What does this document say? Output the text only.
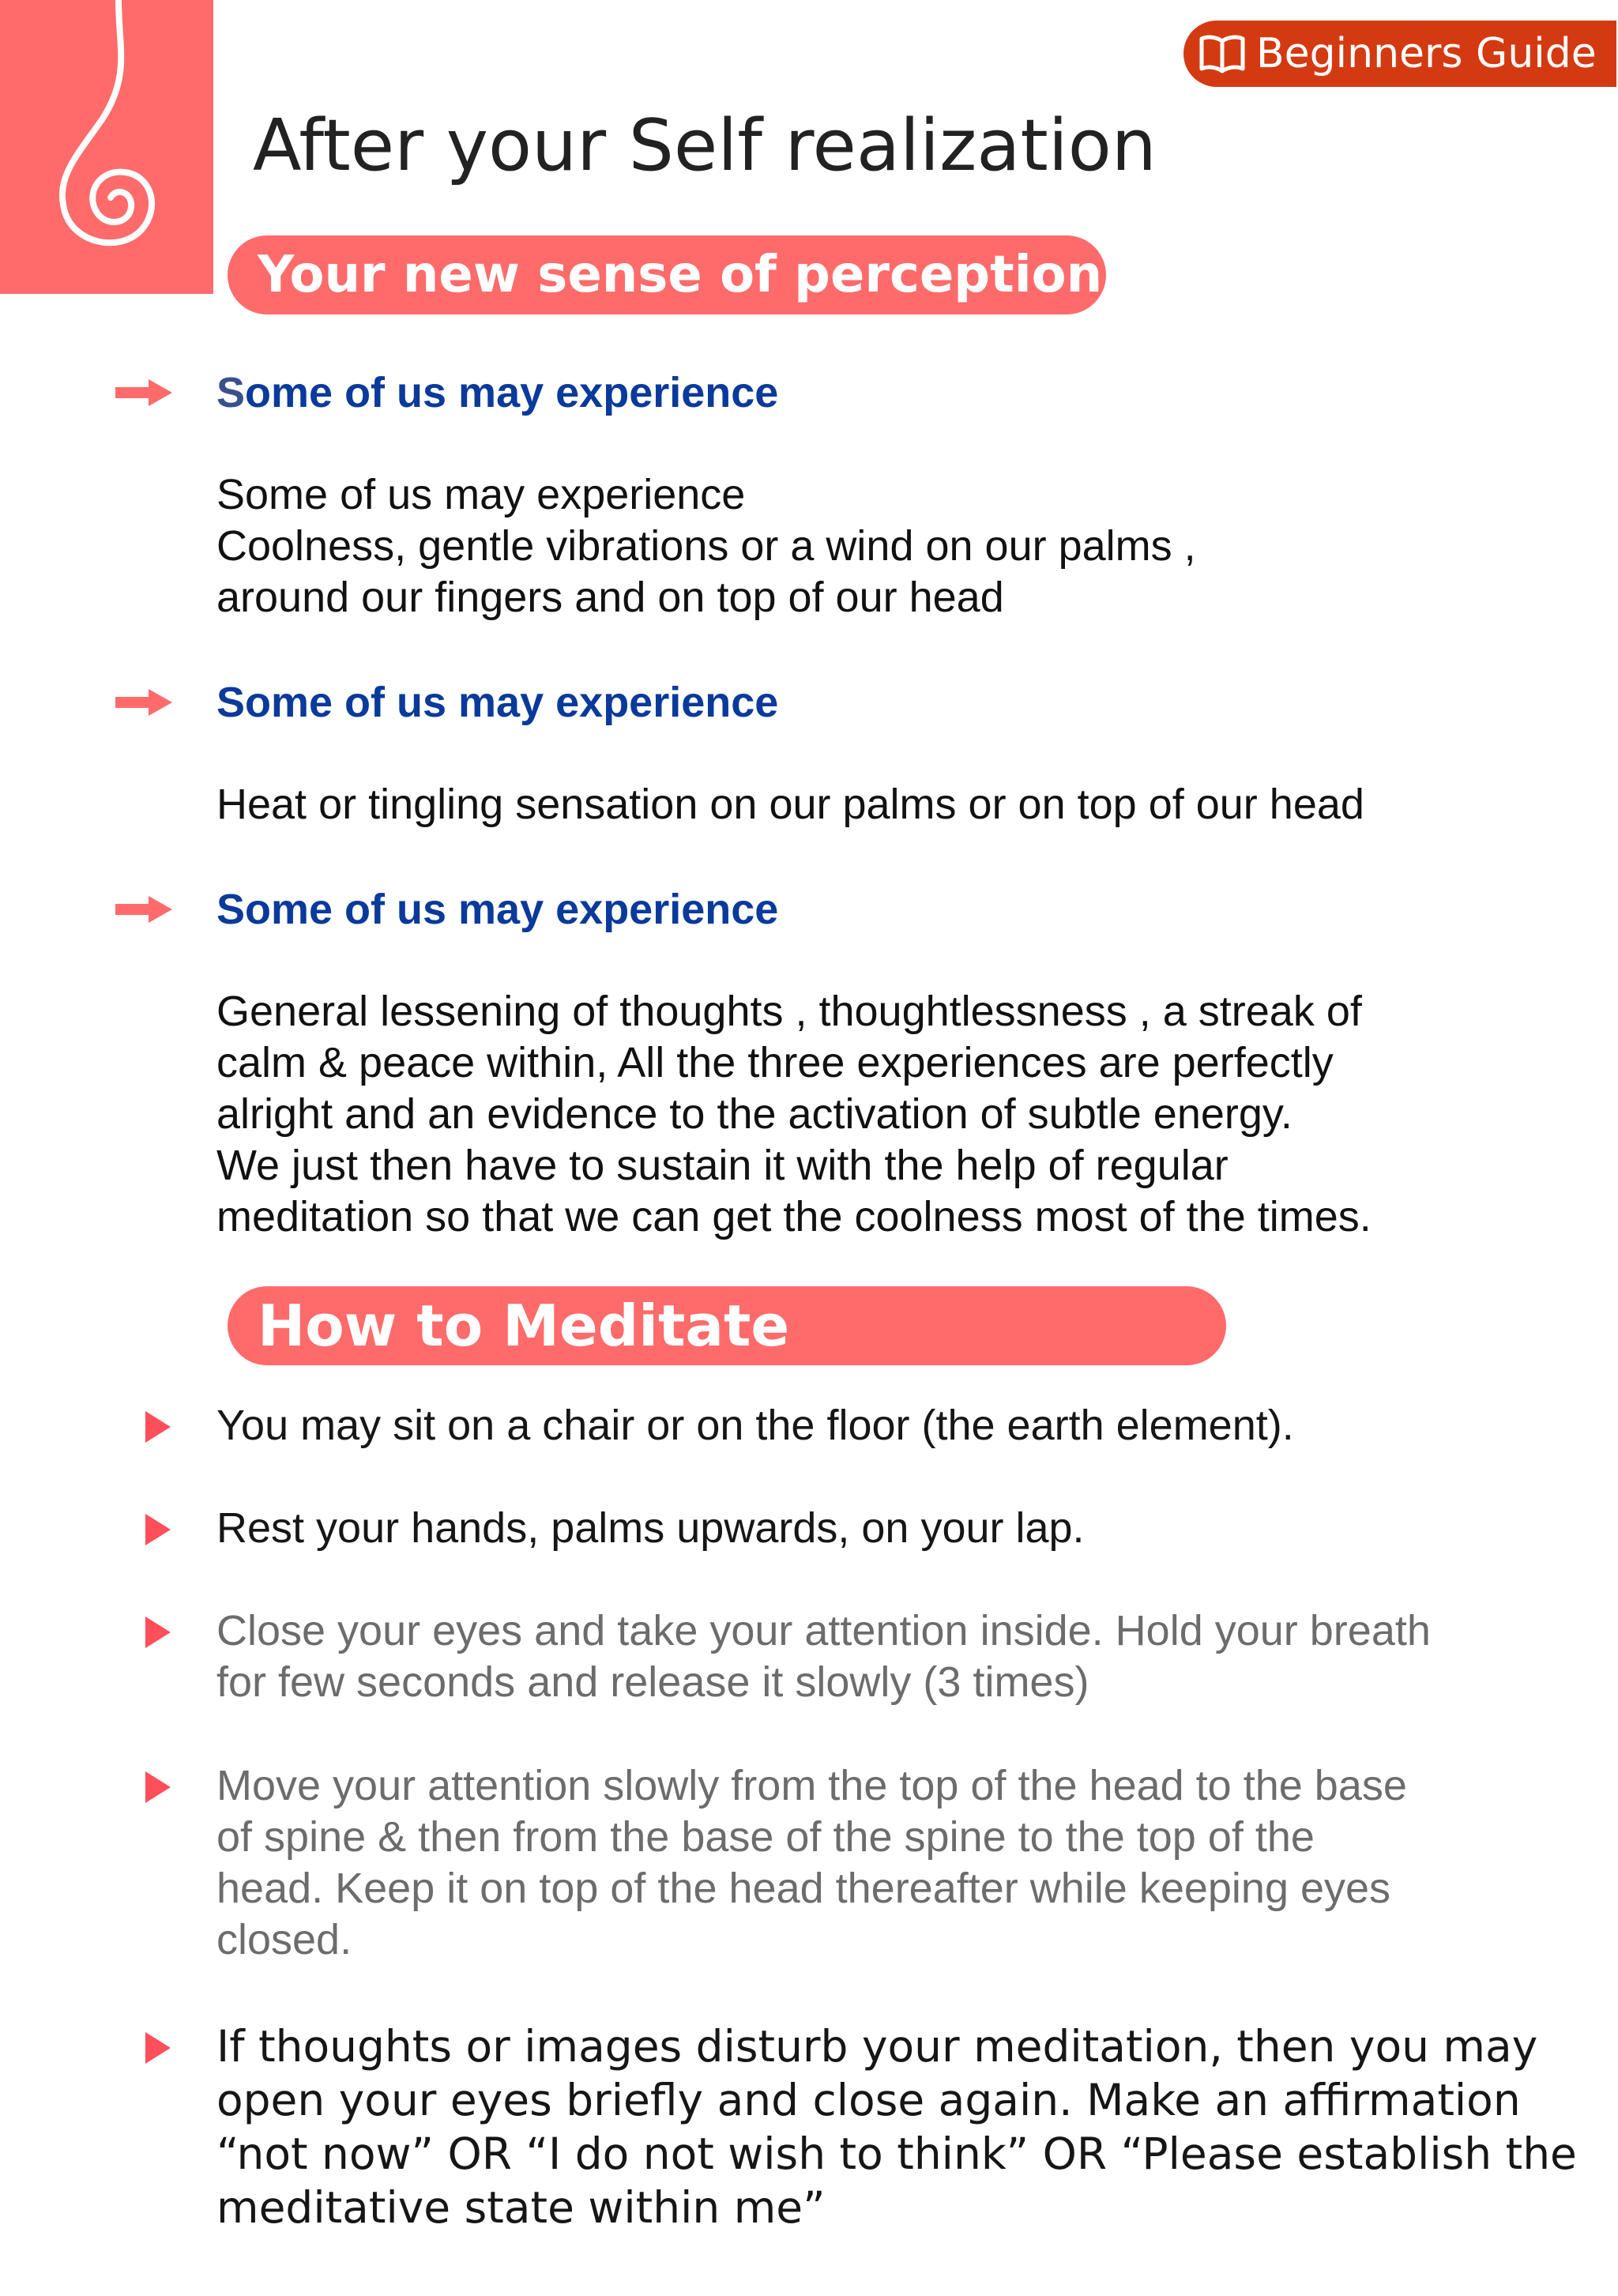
Beginners Guide
After your Self realization
Your new sense of perception
Some of us may experience
Some of us may experience
Coolness, gentle vibrations or a wind on our palms ,
around our fingers and on top of our head
Some of us may experience
Heat or tingling sensation on our palms or on top of our head
Some of us may experience
General lessening of thoughts , thoughtlessness , a streak of
calm & peace within, All the three experiences are perfectly
alright and an evidence to the activation of subtle energy.
We just then have to sustain it with the help of regular
meditation so that we can get the coolness most of the times.
How to Meditate
You may sit on a chair or on the floor (the earth element).
Rest your hands, palms upwards, on your lap.
Close your eyes and take your attention inside. Hold your breath
for few seconds and release it slowly (3 times)
Move your attention slowly from the top of the head to the base
of spine & then from the base of the spine to the top of the
head. Keep it on top of the head thereafter while keeping eyes
closed.
If thoughts or images disturb your meditation, then you may
open your eyes briefly and close again. Make an affirmation
“not now” OR “I do not wish to think” OR “Please establish the
meditative state within me”
